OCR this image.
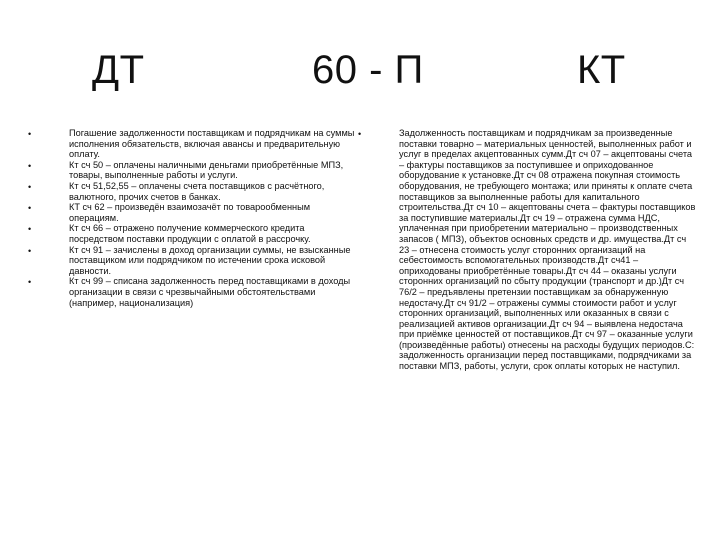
ДТ	60 - П	КТ
•	Погашение задолженности поставщикам и подрядчикам на суммы исполнения обязательств, включая авансы и предварительную оплату.
•	Кт сч 50 – оплачены наличными деньгами приобретённые МПЗ, товары, выполненные работы и услуги.
•	Кт сч 51,52,55 – оплачены счета поставщиков с расчётного, валютного, прочих счетов в банках.
•	КТ сч 62 – произведён взаимозачёт по товарообменным операциям.
•	Кт сч 66 – отражено получение коммерческого кредита посредством поставки продукции с оплатой в рассрочку.
•	Кт сч 91 – зачислены в доход организации суммы, не взысканные поставщиком или подрядчиком по истечении срока исковой давности.
•	Кт сч 99 – списана задолженность перед поставщиками в доходы организации в связи с чрезвычайными обстоятельствами (например, национализация)
•	Задолженность поставщикам и подрядчикам за произведенные поставки товарно – материальных ценностей, выполненных работ и услуг в пределах акцептованных сумм.Дт сч 07 – акцептованы счета – фактуры поставщиков за поступившее и оприходованное оборудование к установке.Дт сч 08 отражена покупная стоимость оборудования, не требующего монтажа; или приняты к оплате счета поставщиков за выполненные работы для капитального строительства.Дт сч 10 – акцептованы счета – фактуры поставщиков за поступившие материалы.Дт сч 19 – отражена сумма НДС, уплаченная при приобретении материально – производственных запасов ( МПЗ), объектов основных средств и др. имущества.Дт сч 23 – отнесена стоимость услуг сторонних организаций на себестоимость вспомогательных производств.Дт сч41 – оприходованы приобретённые товары.Дт сч 44 – оказаны услуги сторонних организаций по сбыту продукции (транспорт и др.)Дт сч 76/2 – предъявлены претензии поставщикам за обнаруженную недостачу.Дт сч 91/2 – отражены суммы стоимости работ и услуг сторонних организаций, выполненных или оказанных в связи с реализацией активов организации.Дт сч 94 – выявлена недостача при приёмке ценностей от поставщиков.Дт сч 97 – оказанные услуги (произведённые работы) отнесены на расходы будущих периодов.С: задолженность организации перед поставщиками, подрядчиками за поставки МПЗ, работы, услуги, срок оплаты которых не наступил.
